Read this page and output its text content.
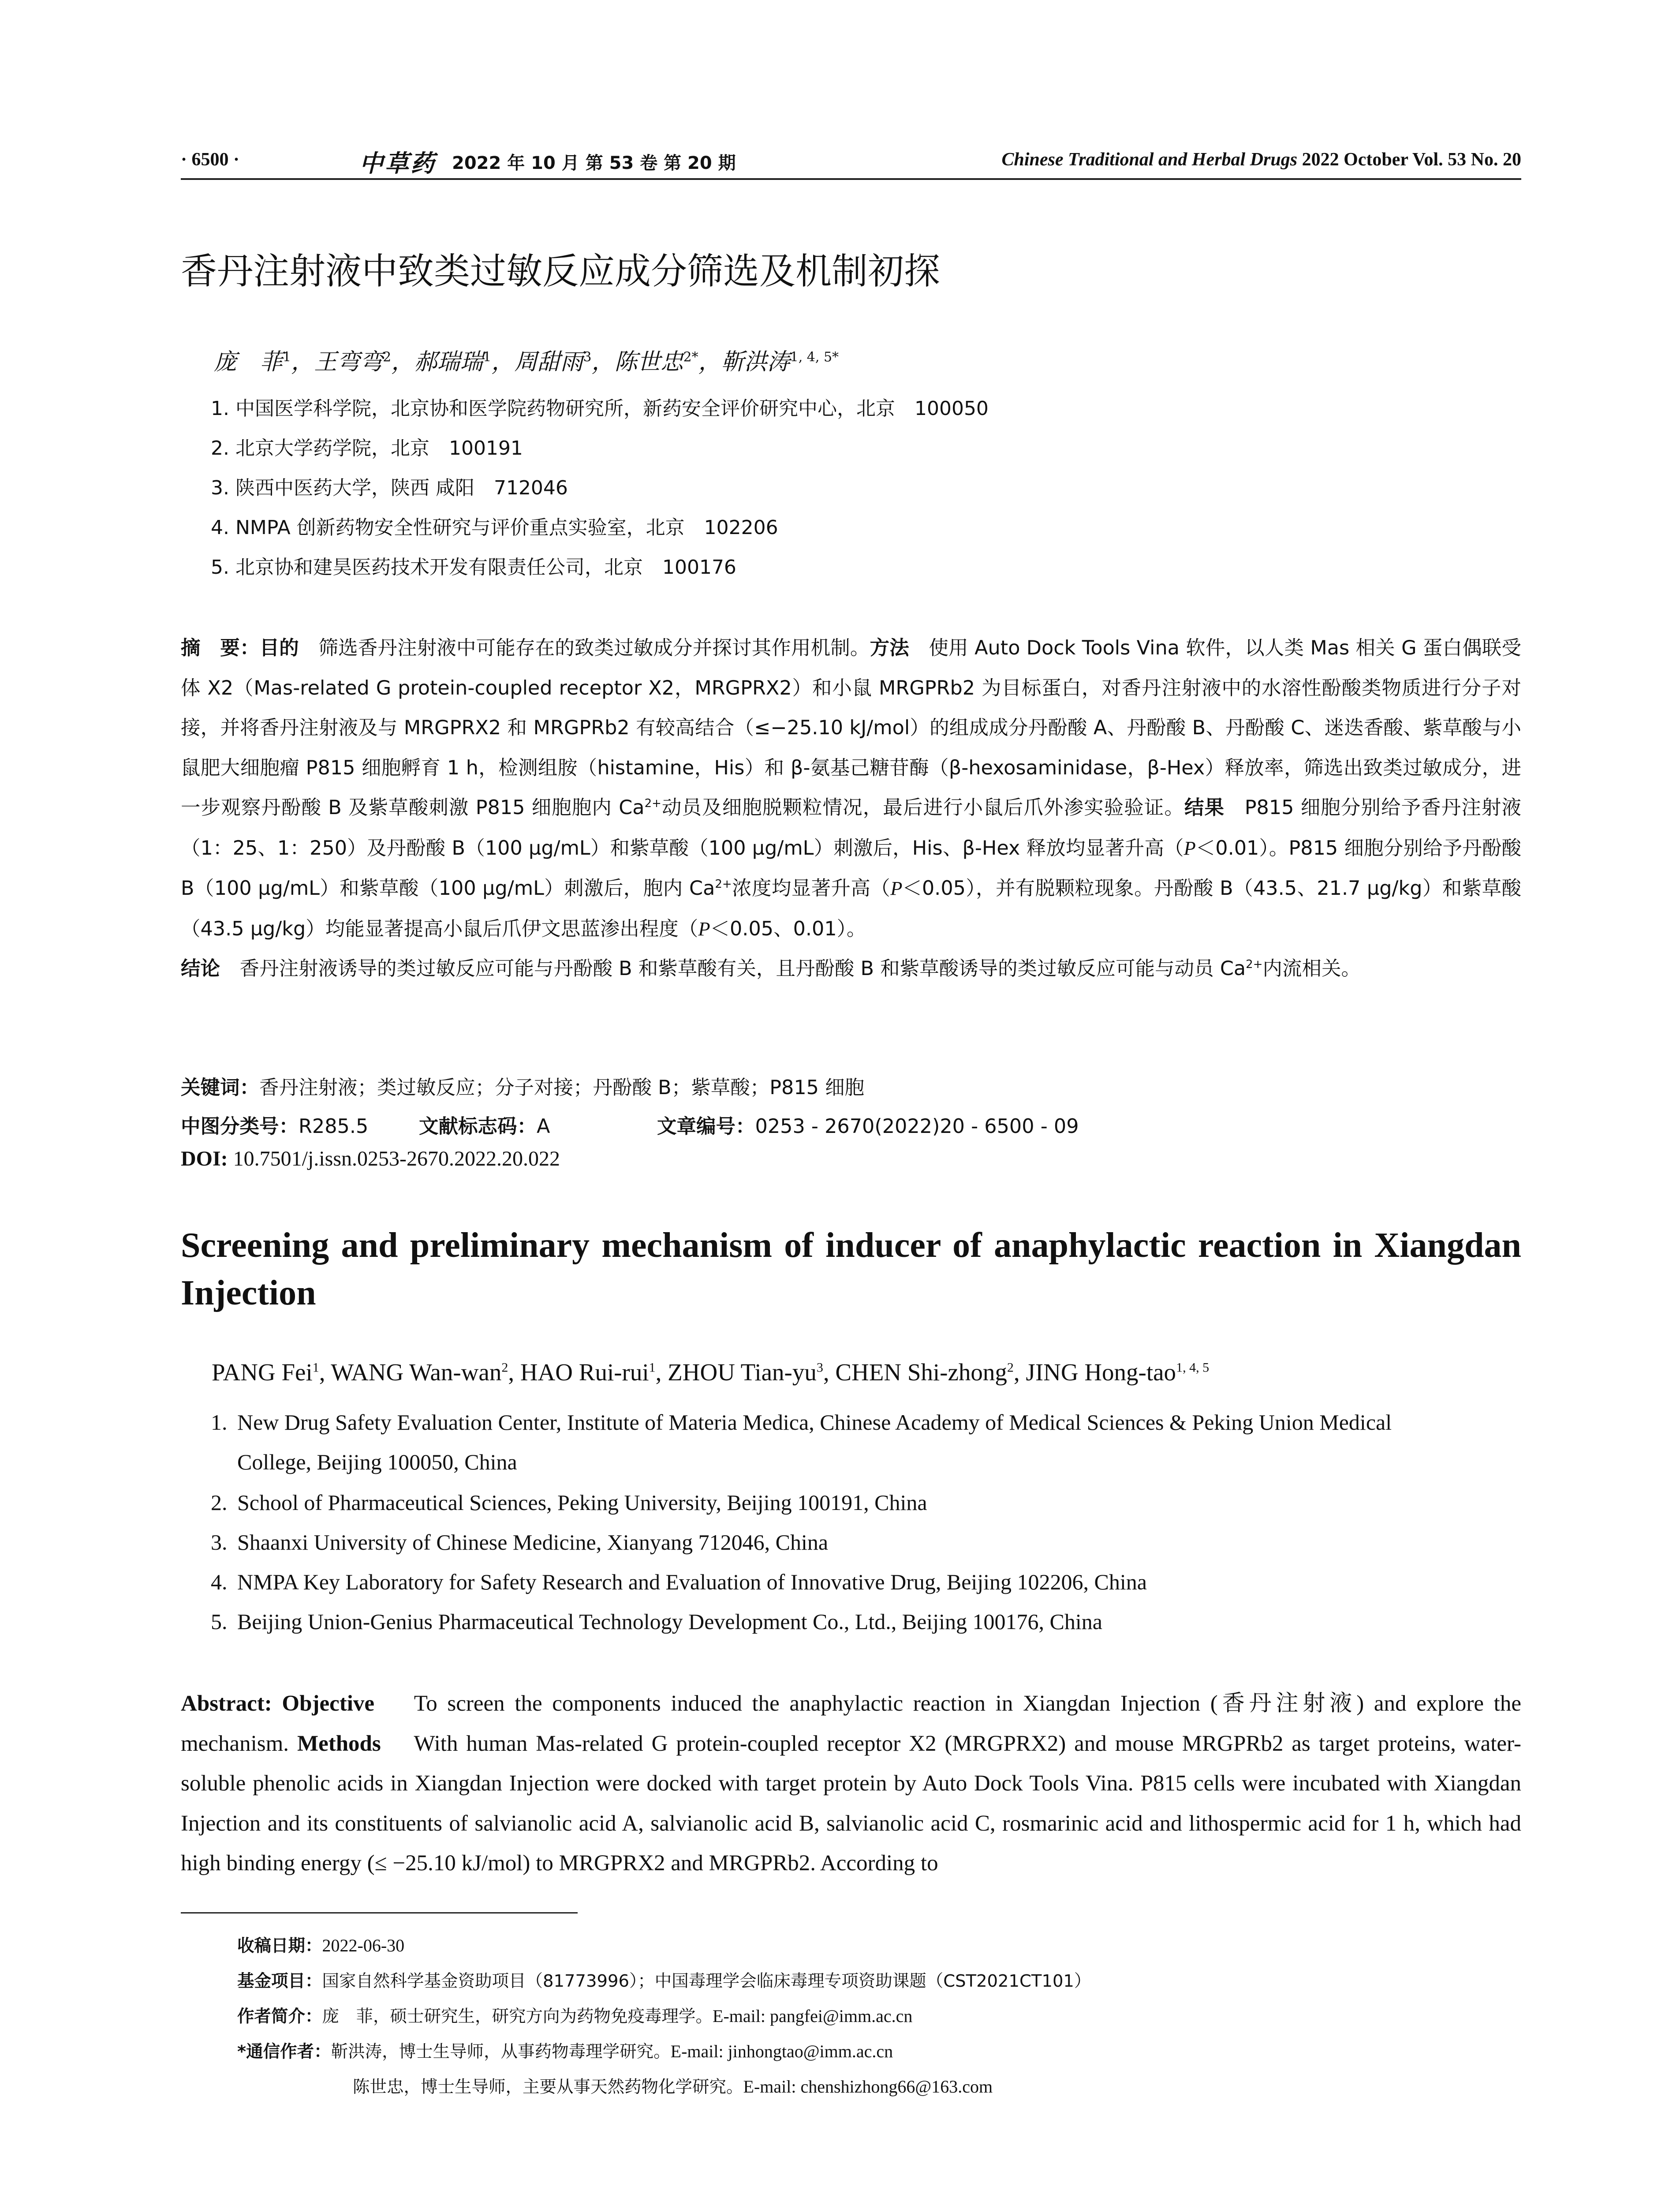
· 6500 ·	中草药 2022 年 10 月 第 53 卷 第 20 期	Chinese Traditional and Herbal Drugs 2022 October Vol. 53 No. 20
香丹注射液中致类过敏反应成分筛选及机制初探
庞　菲$^1$，王弯弯$^2$，郝瑞瑞$^1$，周甜雨$^3$，陈世忠$^{2*}$，靳洪涛$^{1, 4, 5*}$
1. 中国医学科学院，北京协和医学院药物研究所，新药安全评价研究中心，北京　100050
2. 北京大学药学院，北京　100191
3. 陕西中医药大学，陕西 咸阳　712046
4. NMPA 创新药物安全性研究与评价重点实验室，北京　102206
5. 北京协和建昊医药技术开发有限责任公司，北京　100176
摘　要：目的　 筛选香丹注射液中可能存在的致类过敏成分并探讨其作用机制。方法　 使用 Auto Dock Tools Vina 软件，以人类 Mas 相关 G 蛋白偶联受体 X2（Mas-related G protein-coupled receptor X2，MRGPRX2）和小鼠 MRGPRb2 为目标蛋白，对香丹注射液中的水溶性酚酸类物质进行分子对接，并将香丹注射液及与 MRGPRX2 和 MRGPRb2 有较高结合（≤−25.10 kJ/mol）的组成成分丹酚酸 A、丹酚酸 B、丹酚酸 C、迷迭香酸、紫草酸与小鼠肥大细胞瘤 P815 细胞孵育 1 h，检测组胺（histamine，His）和 β-氨基己糖苷酶（β-hexosaminidase，β-Hex）释放率，筛选出致类过敏成分，进一步观察丹酚酸 B 及紫草酸刺激 P815 细胞胞内 $Ca^{2+}$动员及细胞脱颗粒情况，最后进行小鼠后爪外渗实验验证。结果　 P815 细胞分别给予香丹注射液（1：25、1：250）及丹酚酸 B（100 μg/mL）和紫草酸（100 μg/mL）刺激后，His、β-Hex 释放均显著升高（P＜0.01）。P815 细胞分别给予丹酚酸 B（100 μg/mL）和紫草酸（100 μg/mL）刺激后，胞内 $Ca^{2+}$浓度均显著升高（P＜0.05），并有脱颗粒现象。丹酚酸 B（43.5、21.7 μg/kg）和紫草酸（43.5 μg/kg）均能显著提高小鼠后爪伊文思蓝渗出程度（P＜0.05、0.01）。
结论　 香丹注射液诱导的类过敏反应可能与丹酚酸 B 和紫草酸有关，且丹酚酸 B 和紫草酸诱导的类过敏反应可能与动员 $Ca^{2+}$内流相关。
关键词：香丹注射液；类过敏反应；分子对接；丹酚酸 B；紫草酸；P815 细胞
中图分类号：R285.5	文献标志码：A	文章编号：0253 - 2670(2022)20 - 6500 - 09
DOI: 10.7501/j.issn.0253-2670.2022.20.022
Screening and preliminary mechanism of inducer of anaphylactic reaction in Xiangdan Injection
PANG Fei$^1$, WANG Wan-wan$^2$, HAO Rui-rui$^1$, ZHOU Tian-$yu^3$, CHEN Shi-zhong$^2$, JING Hong-tao$^{1, 4, 5}$
1. New Drug Safety Evaluation Center, Institute of Materia Medica, Chinese Academy of Medical Sciences & Peking Union Medical
College, Beijing 100050, China
2. School of Pharmaceutical Sciences, Peking University, Beijing 100191, China
3. Shaanxi University of Chinese Medicine, Xianyang 712046, China
4. NMPA Key Laboratory for Safety Research and Evaluation of Innovative Drug, Beijing 102206, China
5. Beijing Union-Genius Pharmaceutical Technology Development Co., Ltd., Beijing 100176, China
Abstract: Objective To screen the components induced the anaphylactic reaction in Xiangdan Injection (香丹注射液) and explore the mechanism. Methods With human Mas-related G protein-coupled receptor X2 (MRGPRX2) and mouse MRGPRb2 as target proteins, water-soluble phenolic acids in Xiangdan Injection were docked with target protein by Auto Dock Tools Vina. P815 cells were incubated with Xiangdan Injection and its constituents of salvianolic acid A, salvianolic acid B, salvianolic acid C, rosmarinic acid and lithospermic acid for 1 h, which had high binding energy (≤ −25.10 kJ/mol) to MRGPRX2 and MRGPRb2. According to
收稿日期：2022-06-30
基金项目：国家自然科学基金资助项目（81773996）；中国毒理学会临床毒理专项资助课题（CST2021CT101）
作者简介：庞　菲，硕士研究生，研究方向为药物免疫毒理学。E-mail: pangfei@imm.ac.cn
*通信作者：靳洪涛，博士生导师，从事药物毒理学研究。E-mail: jinhongtao@imm.ac.cn
陈世忠，博士生导师，主要从事天然药物化学研究。E-mail: chenshizhong66@163.com
